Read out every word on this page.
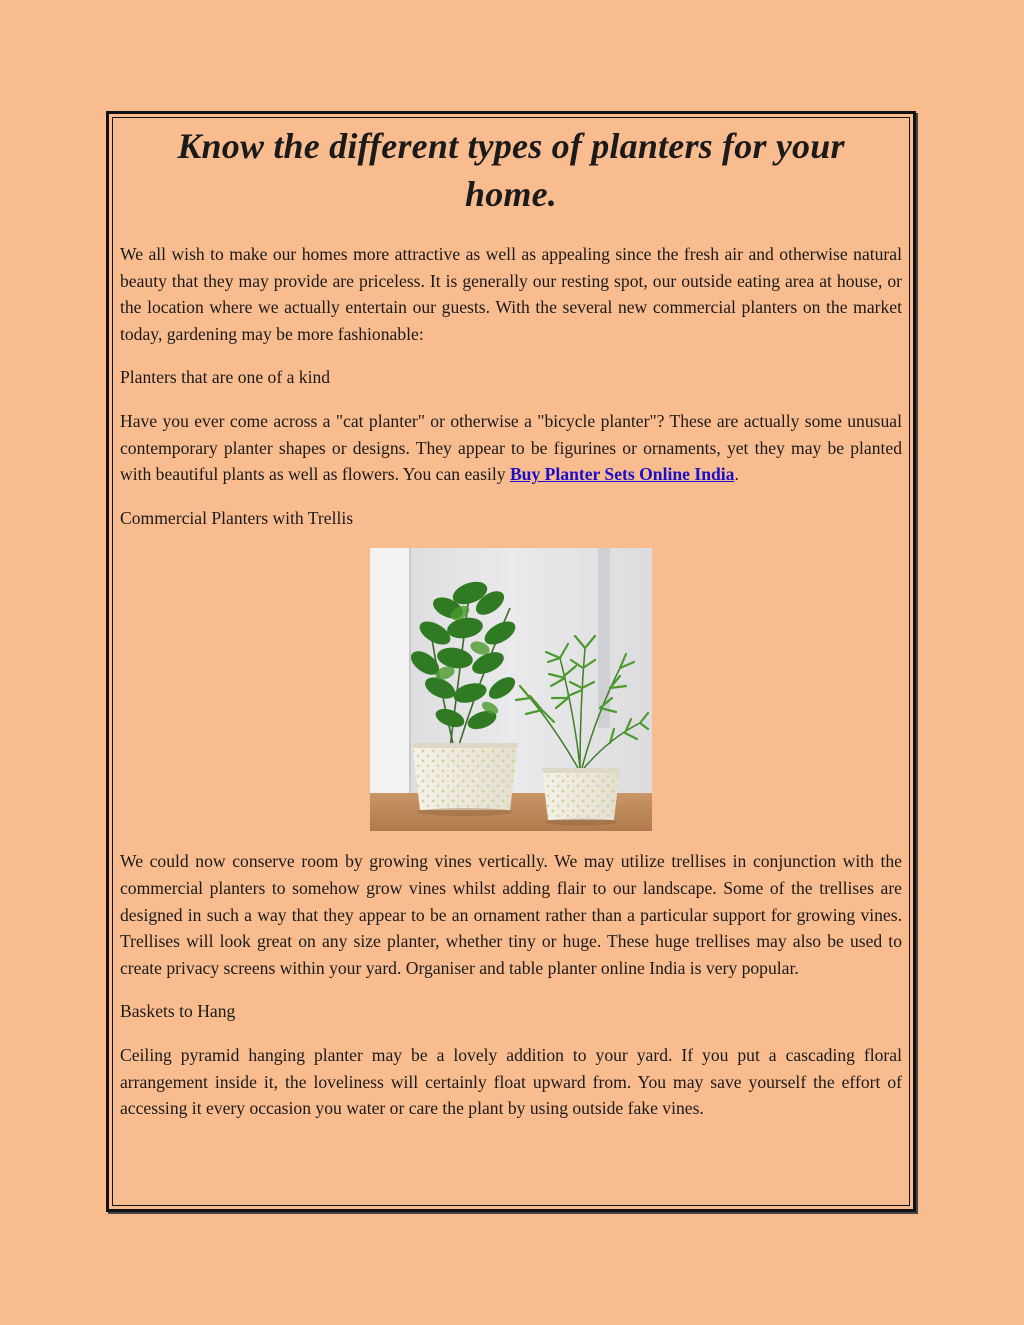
Know the different types of planters for your home.

We all wish to make our homes more attractive as well as appealing since the fresh air and otherwise natural beauty that they may provide are priceless. It is generally our resting spot, our outside eating area at house, or the location where we actually entertain our guests. With the several new commercial planters on the market today, gardening may be more fashionable:

Planters that are one of a kind

Have you ever come across a "cat planter" or otherwise a "bicycle planter"? These are actually some unusual contemporary planter shapes or designs. They appear to be figurines or ornaments, yet they may be planted with beautiful plants as well as flowers. You can easily Buy Planter Sets Online India.

Commercial Planters with Trellis

We could now conserve room by growing vines vertically. We may utilize trellises in conjunction with the commercial planters to somehow grow vines whilst adding flair to our landscape. Some of the trellises are designed in such a way that they appear to be an ornament rather than a particular support for growing vines. Trellises will look great on any size planter, whether tiny or huge. These huge trellises may also be used to create privacy screens within your yard. Organiser and table planter online India is very popular.

Baskets to Hang

Ceiling pyramid hanging planter may be a lovely addition to your yard. If you put a cascading floral arrangement inside it, the loveliness will certainly float upward from. You may save yourself the effort of accessing it every occasion you water or care the plant by using outside fake vines.
